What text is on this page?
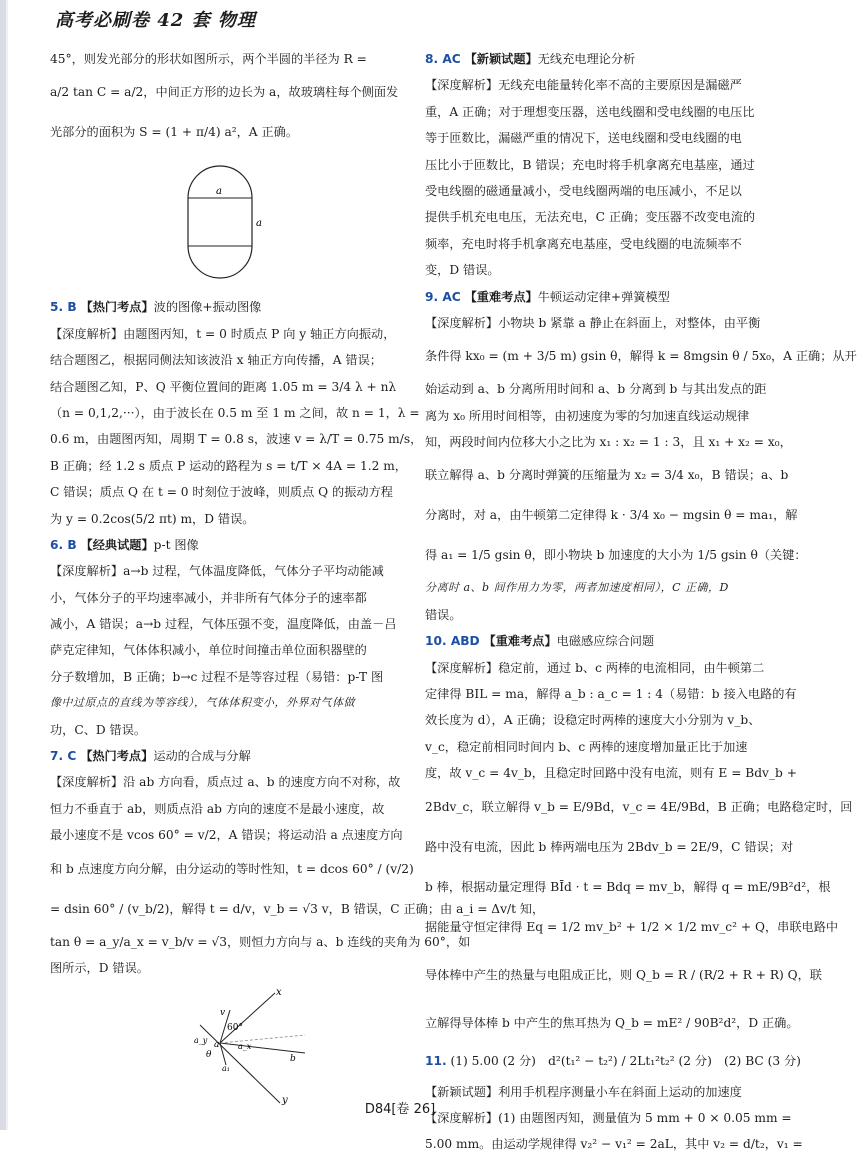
高考必刷卷 42 套 物理
45°，则发光部分的形状如图所示，两个半圆的半径为 R =
a/2 tan C = a/2，中间正方形的边长为 a，故玻璃柱每个侧面发
光部分的面积为 S = (1 + π/4) a²，A 正确。
a
a
5. B 【热门考点】波的图像+振动图像
【深度解析】由题图丙知，t = 0 时质点 P 向 y 轴正方向振动，
结合题图乙，根据同侧法知该波沿 x 轴正方向传播，A 错误；
结合题图乙知，P、Q 平衡位置间的距离 1.05 m = 3/4 λ + nλ
（n = 0,1,2,···），由于波长在 0.5 m 至 1 m 之间，故 n = 1，λ =
0.6 m，由题图丙知，周期 T = 0.8 s，波速 v = λ/T = 0.75 m/s，
B 正确；经 1.2 s 质点 P 运动的路程为 s = t/T × 4A = 1.2 m，
C 错误；质点 Q 在 t = 0 时刻位于波峰，则质点 Q 的振动方程
为 y = 0.2cos(5/2 πt) m，D 错误。
6. B 【经典试题】p-t 图像
【深度解析】a→b 过程，气体温度降低，气体分子平均动能减
小，气体分子的平均速率减小，并非所有气体分子的速率都
减小，A 错误；a→b 过程，气体压强不变，温度降低，由盖－吕
萨克定律知，气体体积减小，单位时间撞击单位面积器壁的
分子数增加，B 正确；b→c 过程不是等容过程（易错：p-T 图
像中过原点的直线为等容线），气体体积变小，外界对气体做
功，C、D 错误。
7. C 【热门考点】运动的合成与分解
【深度解析】沿 ab 方向看，质点过 a、b 的速度方向不对称，故
恒力不垂直于 ab，则质点沿 ab 方向的速度不是最小速度，故
最小速度不是 vcos 60° = v/2，A 错误；将运动沿 a 点速度方向
和 b 点速度方向分解，由分运动的等时性知，t = dcos 60° / (v/2)
= dsin 60° / (v_b/2)，解得 t = d/v，v_b = √3 v，B 错误，C 正确；由 a_i = Δv/t 知，
tan θ = a_y/a_x = v_b/v = √3，则恒力方向与 a、b 连线的夹角为 60°，如
图所示，D 错误。
x
y
v
60°
θ
a
b
a_x
a_y
a₁
8. AC 【新颖试题】无线充电理论分析
【深度解析】无线充电能量转化率不高的主要原因是漏磁严
重，A 正确；对于理想变压器，送电线圈和受电线圈的电压比
等于匝数比，漏磁严重的情况下，送电线圈和受电线圈的电
压比小于匝数比，B 错误；充电时将手机拿离充电基座，通过
受电线圈的磁通量减小，受电线圈两端的电压减小，不足以
提供手机充电电压，无法充电，C 正确；变压器不改变电流的
频率，充电时将手机拿离充电基座，受电线圈的电流频率不
变，D 错误。
9. AC 【重难考点】牛顿运动定律+弹簧模型
【深度解析】小物块 b 紧靠 a 静止在斜面上，对整体，由平衡
条件得 kx₀ = (m + 3/5 m) gsin θ，解得 k = 8mgsin θ / 5x₀，A 正确；从开
始运动到 a、b 分离所用时间和 a、b 分离到 b 与其出发点的距
离为 x₀ 所用时间相等，由初速度为零的匀加速直线运动规律
知，两段时间内位移大小之比为 x₁ : x₂ = 1 : 3，且 x₁ + x₂ = x₀，
联立解得 a、b 分离时弹簧的压缩量为 x₂ = 3/4 x₀，B 错误；a、b
分离时，对 a，由牛顿第二定律得 k · 3/4 x₀ − mgsin θ = ma₁，解
得 a₁ = 1/5 gsin θ，即小物块 b 加速度的大小为 1/5 gsin θ（关键：
分离时 a、b 间作用力为零，两者加速度相同），C 正确，D
错误。
10. ABD 【重难考点】电磁感应综合问题
【深度解析】稳定前，通过 b、c 两棒的电流相同，由牛顿第二
定律得 BIL = ma，解得 a_b : a_c = 1 : 4（易错：b 接入电路的有
效长度为 d），A 正确；设稳定时两棒的速度大小分别为 v_b、
v_c，稳定前相同时间内 b、c 两棒的速度增加量正比于加速
度，故 v_c = 4v_b，且稳定时回路中没有电流，则有 E = Bdv_b +
2Bdv_c，联立解得 v_b = E/9Bd，v_c = 4E/9Bd，B 正确；电路稳定时，回
路中没有电流，因此 b 棒两端电压为 2Bdv_b = 2E/9，C 错误；对
b 棒，根据动量定理得 BĪd · t = Bdq = mv_b，解得 q = mE/9B²d²，根
据能量守恒定律得 Eq = 1/2 mv_b² + 1/2 × 1/2 mv_c² + Q，串联电路中
导体棒中产生的热量与电阻成正比，则 Q_b = R / (R/2 + R + R) Q，联
立解得导体棒 b 中产生的焦耳热为 Q_b = mE² / 90B²d²，D 正确。
11. (1) 5.00 (2 分)　d²(t₁² − t₂²) / 2Lt₁²t₂² (2 分)　(2) BC (3 分)
【新颖试题】利用手机程序测量小车在斜面上运动的加速度
【深度解析】(1) 由题图丙知，测量值为 5 mm + 0 × 0.05 mm =
5.00 mm。由运动学规律得 v₂² − v₁² = 2aL，其中 v₂ = d/t₂，v₁ =
D84[卷 26]
